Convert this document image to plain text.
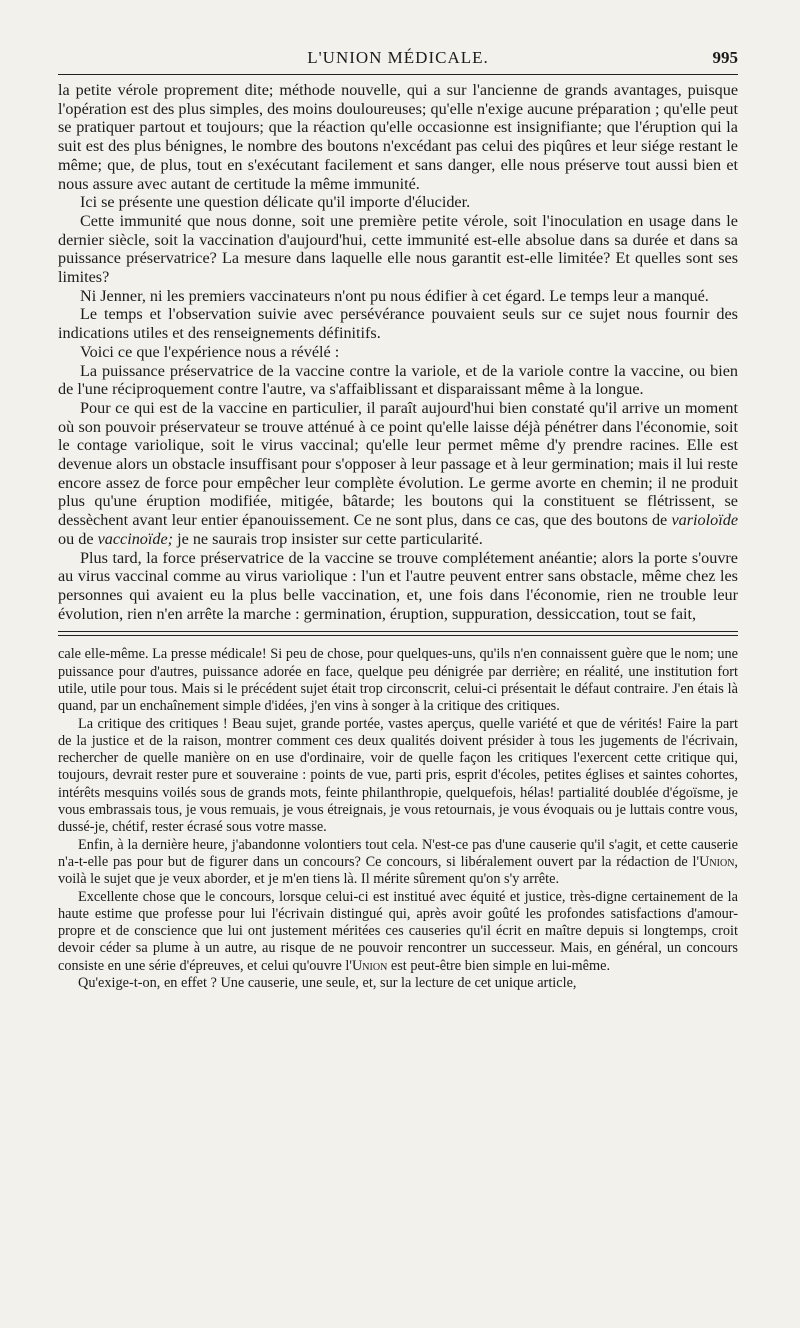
L'UNION MÉDICALE.	995

la petite vérole proprement dite; méthode nouvelle, qui a sur l'ancienne de grands avantages, puisque l'opération est des plus simples, des moins douloureuses; qu'elle n'exige aucune préparation ; qu'elle peut se pratiquer partout et toujours; que la réaction qu'elle occasionne est insignifiante; que l'éruption qui la suit est des plus bénignes, le nombre des boutons n'excédant pas celui des piqûres et leur siége restant le même; que, de plus, tout en s'exécutant facilement et sans danger, elle nous préserve tout aussi bien et nous assure avec autant de certitude la même immunité.

Ici se présente une question délicate qu'il importe d'élucider.

Cette immunité que nous donne, soit une première petite vérole, soit l'inoculation en usage dans le dernier siècle, soit la vaccination d'aujourd'hui, cette immunité est-elle absolue dans sa durée et dans sa puissance préservatrice? La mesure dans laquelle elle nous garantit est-elle limitée? Et quelles sont ses limites?

Ni Jenner, ni les premiers vaccinateurs n'ont pu nous édifier à cet égard. Le temps leur a manqué.

Le temps et l'observation suivie avec persévérance pouvaient seuls sur ce sujet nous fournir des indications utiles et des renseignements définitifs.

Voici ce que l'expérience nous a révélé :

La puissance préservatrice de la vaccine contre la variole, et de la variole contre la vaccine, ou bien de l'une réciproquement contre l'autre, va s'affaiblissant et disparaissant même à la longue.

Pour ce qui est de la vaccine en particulier, il paraît aujourd'hui bien constaté qu'il arrive un moment où son pouvoir préservateur se trouve atténué à ce point qu'elle laisse déjà pénétrer dans l'économie, soit le contage variolique, soit le virus vaccinal; qu'elle leur permet même d'y prendre racines. Elle est devenue alors un obstacle insuffisant pour s'opposer à leur passage et à leur germination; mais il lui reste encore assez de force pour empêcher leur complète évolution. Le germe avorte en chemin; il ne produit plus qu'une éruption modifiée, mitigée, bâtarde; les boutons qui la constituent se flétrissent, se dessèchent avant leur entier épanouissement. Ce ne sont plus, dans ce cas, que des boutons de varioloïde ou de vaccinoïde; je ne saurais trop insister sur cette particularité.

Plus tard, la force préservatrice de la vaccine se trouve complétement anéantie; alors la porte s'ouvre au virus vaccinal comme au virus variolique : l'un et l'autre peuvent entrer sans obstacle, même chez les personnes qui avaient eu la plus belle vaccination, et, une fois dans l'économie, rien ne trouble leur évolution, rien n'en arrête la marche : germination, éruption, suppuration, dessiccation, tout se fait,

cale elle-même. La presse médicale! Si peu de chose, pour quelques-uns, qu'ils n'en connaissent guère que le nom; une puissance pour d'autres, puissance adorée en face, quelque peu dénigrée par derrière; en réalité, une institution fort utile, utile pour tous. Mais si le précédent sujet était trop circonscrit, celui-ci présentait le défaut contraire. J'en étais là quand, par un enchaînement simple d'idées, j'en vins à songer à la critique des critiques.

La critique des critiques ! Beau sujet, grande portée, vastes aperçus, quelle variété et que de vérités! Faire la part de la justice et de la raison, montrer comment ces deux qualités doivent présider à tous les jugements de l'écrivain, rechercher de quelle manière on en use d'ordinaire, voir de quelle façon les critiques l'exercent cette critique qui, toujours, devrait rester pure et souveraine : points de vue, parti pris, esprit d'écoles, petites églises et saintes cohortes, intérêts mesquins voilés sous de grands mots, feinte philanthropie, quelquefois, hélas! partialité doublée d'égoïsme, je vous embrassais tous, je vous remuais, je vous étreignais, je vous retournais, je vous évoquais ou je luttais contre vous, dussé-je, chétif, rester écrasé sous votre masse.

Enfin, à la dernière heure, j'abandonne volontiers tout cela. N'est-ce pas d'une causerie qu'il s'agit, et cette causerie n'a-t-elle pas pour but de figurer dans un concours? Ce concours, si libéralement ouvert par la rédaction de l'Union, voilà le sujet que je veux aborder, et je m'en tiens là. Il mérite sûrement qu'on s'y arrête.

Excellente chose que le concours, lorsque celui-ci est institué avec équité et justice, très-digne certainement de la haute estime que professe pour lui l'écrivain distingué qui, après avoir goûté les profondes satisfactions d'amour-propre et de conscience que lui ont justement méritées ces causeries qu'il écrit en maître depuis si longtemps, croit devoir céder sa plume à un autre, au risque de ne pouvoir rencontrer un successeur. Mais, en général, un concours consiste en une série d'épreuves, et celui qu'ouvre l'Union est peut-être bien simple en lui-même.

Qu'exige-t-on, en effet ? Une causerie, une seule, et, sur la lecture de cet unique article,
